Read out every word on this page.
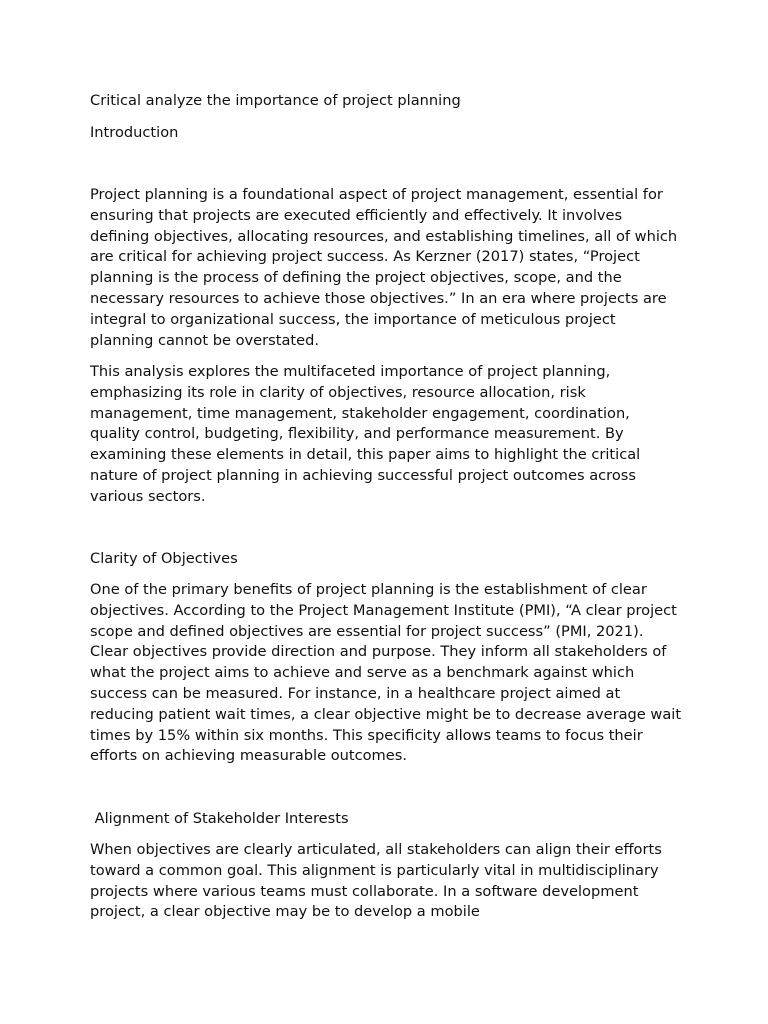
Critical analyze the importance of project planning
Introduction

Project planning is a foundational aspect of project management, essential for ensuring that projects are executed efficiently and effectively. It involves defining objectives, allocating resources, and establishing timelines, all of which are critical for achieving project success. As Kerzner (2017) states, “Project planning is the process of defining the project objectives, scope, and the necessary resources to achieve those objectives.” In an era where projects are integral to organizational success, the importance of meticulous project planning cannot be overstated.

This analysis explores the multifaceted importance of project planning, emphasizing its role in clarity of objectives, resource allocation, risk management, time management, stakeholder engagement, coordination, quality control, budgeting, flexibility, and performance measurement. By examining these elements in detail, this paper aims to highlight the critical nature of project planning in achieving successful project outcomes across various sectors.

Clarity of Objectives

One of the primary benefits of project planning is the establishment of clear objectives. According to the Project Management Institute (PMI), “A clear project scope and defined objectives are essential for project success” (PMI, 2021). Clear objectives provide direction and purpose. They inform all stakeholders of what the project aims to achieve and serve as a benchmark against which success can be measured. For instance, in a healthcare project aimed at reducing patient wait times, a clear objective might be to decrease average wait times by 15% within six months. This specificity allows teams to focus their efforts on achieving measurable outcomes.

Alignment of Stakeholder Interests

When objectives are clearly articulated, all stakeholders can align their efforts toward a common goal. This alignment is particularly vital in multidisciplinary projects where various teams must collaborate. In a software development project, a clear objective may be to develop a mobile
